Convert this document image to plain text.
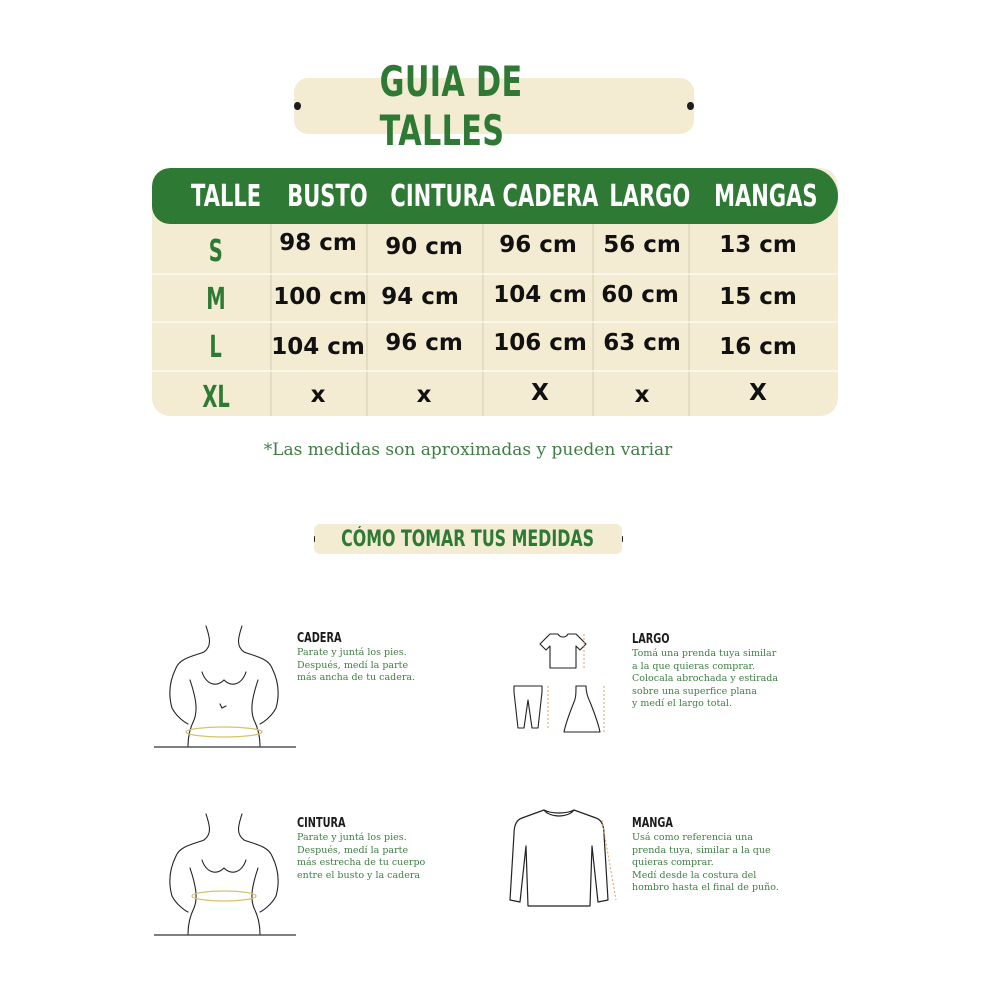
GUIA DE TALLES
TALLE BUSTO CINTURA CADERA LARGO MANGAS
S	98 cm	90 cm	96 cm	56 cm	13 cm
M	100 cm 94 cm	104 cm 60 cm	15 cm
L	104 cm 96 cm	106 cm 63 cm	16 cm
XL	x	x	X	x	X
*Las medidas son aproximadas y pueden variar
CÓMO TOMAR TUS MEDIDAS
CADERA
Parate y juntá los pies.
Después, medí la parte
más ancha de tu cadera.
LARGO
Tomá una prenda tuya similar
a la que quieras comprar.
Colocala abrochada y estirada
sobre una superfice plana
y medí el largo total.
CINTURA
Parate y juntá los pies.
Después, medí la parte
más estrecha de tu cuerpo
entre el busto y la cadera
MANGA
Usá como referencia una
prenda tuya, similar a la que
quieras comprar.
Medí desde la costura del
hombro hasta el final de puño.
